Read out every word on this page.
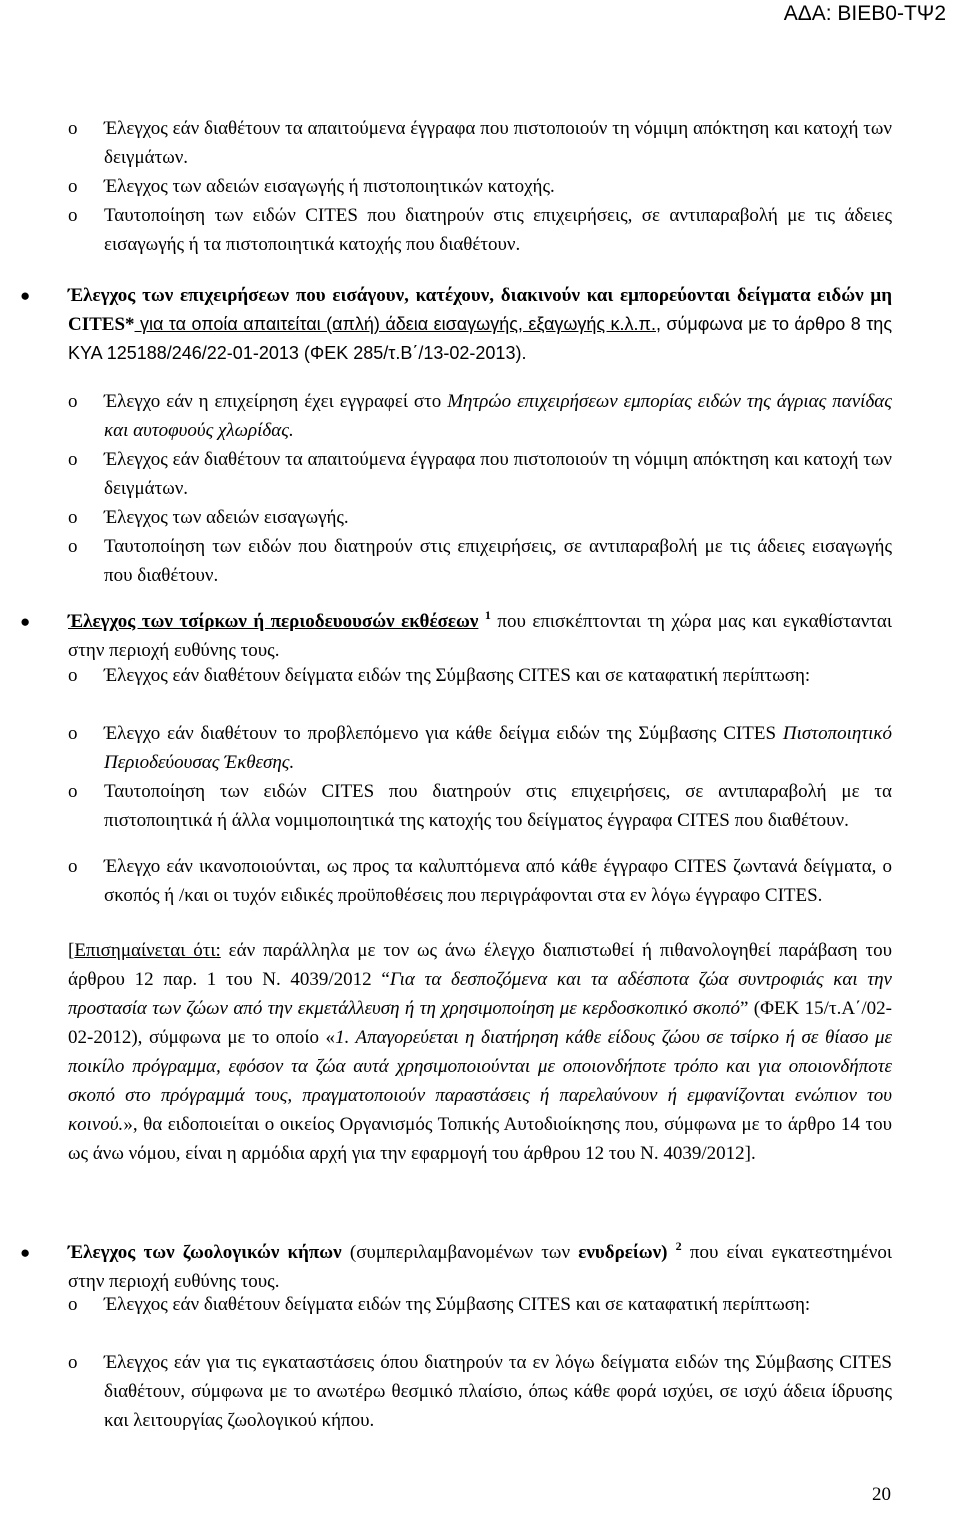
ΑΔΑ: ΒΙΕΒ0-ΤΨ2
o Έλεγχος εάν διαθέτουν τα απαιτούμενα έγγραφα που πιστοποιούν τη νόμιμη απόκτηση και κατοχή των δειγμάτων.
o Έλεγχος των αδειών εισαγωγής ή πιστοποιητικών κατοχής.
o Ταυτοποίηση των ειδών CITES που διατηρούν στις επιχειρήσεις, σε αντιπαραβολή με τις άδειες εισαγωγής ή τα πιστοποιητικά κατοχής που διαθέτουν.
● Έλεγχος των επιχειρήσεων που εισάγουν, κατέχουν, διακινούν και εμπορεύονται δείγματα ειδών μη CITES* για τα οποία απαιτείται (απλή) άδεια εισαγωγής, εξαγωγής κ.λ.π., σύμφωνα με το άρθρο 8 της ΚΥΑ 125188/246/22-01-2013 (ΦΕΚ 285/τ.Β΄/13-02-2013).

o Έλεγχο εάν η επιχείρηση έχει εγγραφεί στο Μητρώο επιχειρήσεων εμπορίας ειδών της άγριας πανίδας και αυτοφυούς χλωρίδας.
o Έλεγχος εάν διαθέτουν τα απαιτούμενα έγγραφα που πιστοποιούν τη νόμιμη απόκτηση και κατοχή των δειγμάτων.
o Έλεγχος των αδειών εισαγωγής.
o Ταυτοποίηση των ειδών που διατηρούν στις επιχειρήσεις, σε αντιπαραβολή με τις άδειες εισαγωγής που διαθέτουν.
● Έλεγχος των τσίρκων ή περιοδευουσών εκθέσεων $^1$ που επισκέπτονται τη χώρα μας και εγκαθίστανται στην περιοχή ευθύνης τους.

o Έλεγχος εάν διαθέτουν δείγματα ειδών της Σύμβασης CITES και σε καταφατική περίπτωση:
o Έλεγχο εάν διαθέτουν το προβλεπόμενο για κάθε δείγμα ειδών της Σύμβασης CITES Πιστοποιητικό Περιοδεύουσας Έκθεσης.
o Ταυτοποίηση των ειδών CITES που διατηρούν στις επιχειρήσεις, σε αντιπαραβολή με τα πιστοποιητικά ή άλλα νομιμοποιητικά της κατοχής του δείγματος έγγραφα CITES που διαθέτουν.
o Έλεγχο εάν ικανοποιούνται, ως προς τα καλυπτόμενα από κάθε έγγραφο CITES ζωντανά δείγματα, ο σκοπός ή /και οι τυχόν ειδικές προϋποθέσεις που περιγράφονται στα εν λόγω έγγραφο CITES.

[Επισημαίνεται ότι: εάν παράλληλα με τον ως άνω έλεγχο διαπιστωθεί ή πιθανολογηθεί παράβαση του άρθρου 12 παρ. 1 του Ν. 4039/2012 “Για τα δεσποζόμενα και τα αδέσποτα ζώα συντροφιάς και την προστασία των ζώων από την εκμετάλλευση ή τη χρησιμοποίηση με κερδοσκοπικό σκοπό” (ΦΕΚ 15/τ.Α΄/02-02-2012), σύμφωνα με το οποίο «1. Απαγορεύεται η διατήρηση κάθε είδους ζώου σε τσίρκο ή σε θίασο με ποικίλο πρόγραμμα, εφόσον τα ζώα αυτά χρησιμοποιούνται με οποιονδήποτε τρόπο και για οποιονδήποτε σκοπό στο πρόγραμμά τους, πραγματοποιούν παραστάσεις ή παρελαύνουν ή εμφανίζονται ενώπιον του κοινού.», θα ειδοποιείται ο οικείος Οργανισμός Τοπικής Αυτοδιοίκησης που, σύμφωνα με το άρθρο 14 του ως άνω νόμου, είναι η αρμόδια αρχή για την εφαρμογή του άρθρου 12 του Ν. 4039/2012].

● Έλεγχος των ζωολογικών κήπων (συμπεριλαμβανομένων των ενυδρείων) $^2$ που είναι εγκατεστημένοι στην περιοχή ευθύνης τους.

o Έλεγχος εάν διαθέτουν δείγματα ειδών της Σύμβασης CITES και σε καταφατική περίπτωση:
o Έλεγχος εάν για τις εγκαταστάσεις όπου διατηρούν τα εν λόγω δείγματα ειδών της Σύμβασης CITES διαθέτουν, σύμφωνα με το ανωτέρω θεσμικό πλαίσιο, όπως κάθε φορά ισχύει, σε ισχύ άδεια ίδρυσης και λειτουργίας ζωολογικού κήπου.
20
